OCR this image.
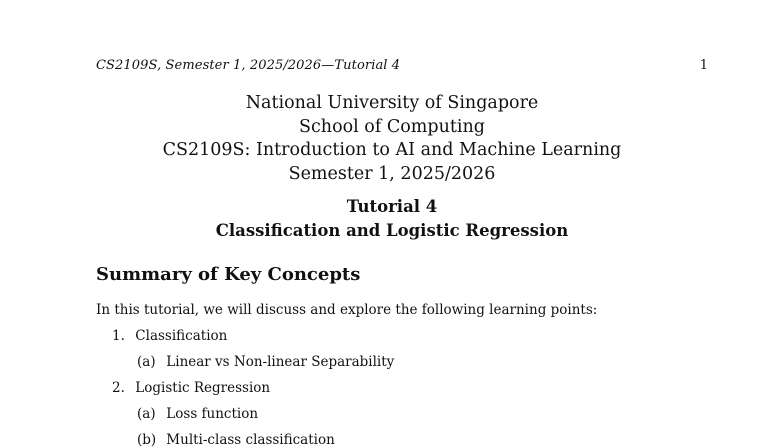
CS2109S, Semester 1, 2025/2026—Tutorial 4	1
National University of Singapore
School of Computing
CS2109S: Introduction to AI and Machine Learning
Semester 1, 2025/2026
Tutorial 4
Classification and Logistic Regression
Summary of Key Concepts
In this tutorial, we will discuss and explore the following learning points:
1. Classification
(a) Linear vs Non-linear Separability
2. Logistic Regression
(a) Loss function
(b) Multi-class classification
